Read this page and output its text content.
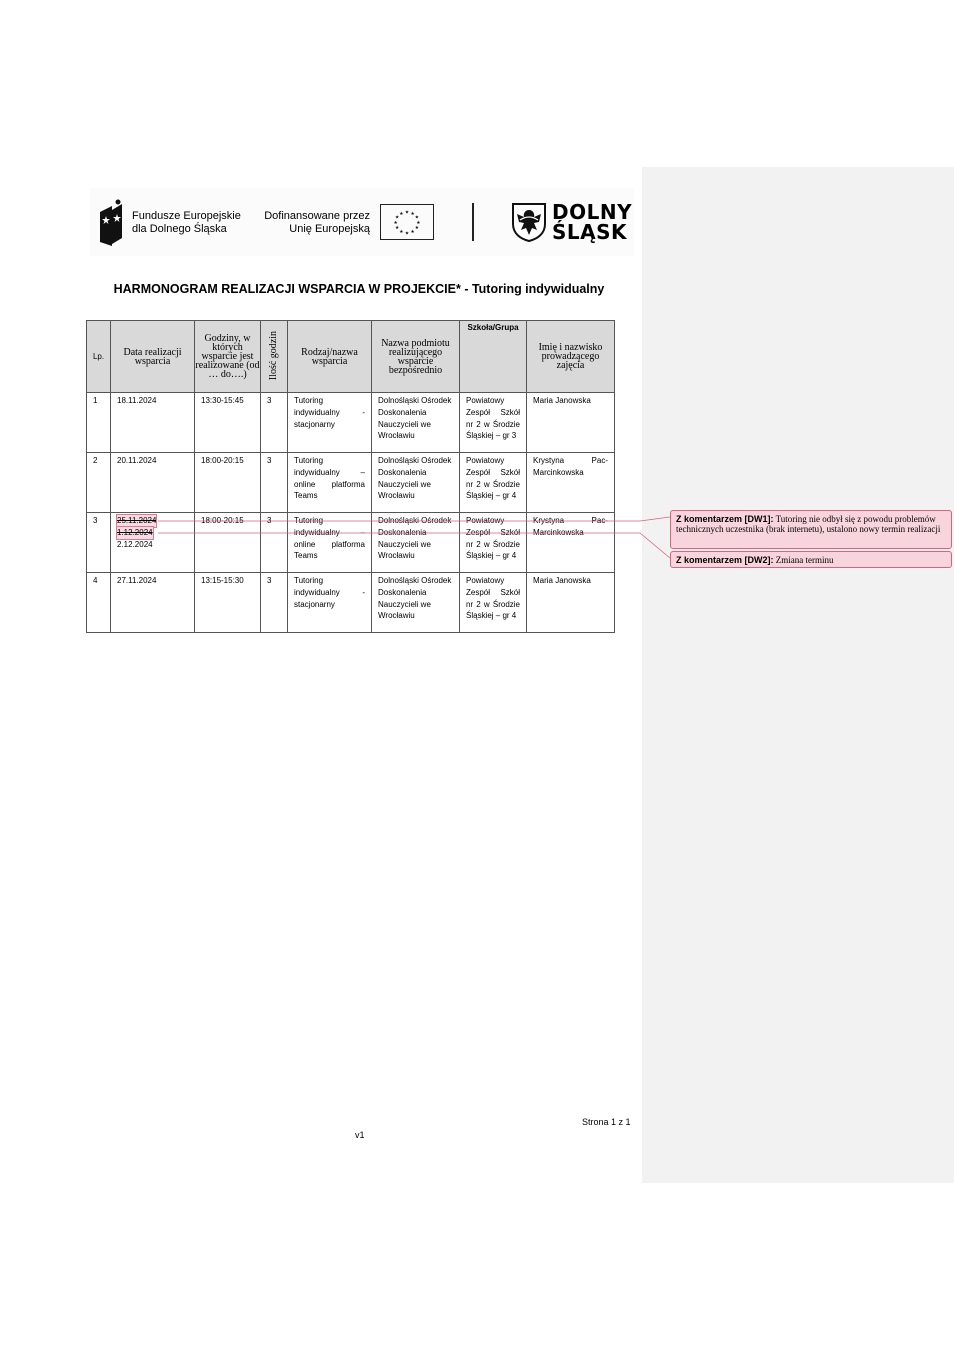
Fundusze Europejskie
dla Dolnego Śląska
Dofinansowane przez
Unię Europejską
★ ★
★
★
★
★
★
★
★
★
★
★	DOLNY
ŚLĄSK
HARMONOGRAM REALIZACJI WSPARCIA W PROJEKCIE* - Tutoring indywidualny
Lp.	Data realizacji wsparcia	Godziny, w których wsparcie jest realizowane (od … do….)	Ilość godzin	Rodzaj/nazwa wsparcia	Nazwa podmiotu realizującego wsparcie bezpośrednio	Szkoła/Grupa	Imię i nazwisko prowadzącego zajęcia

1	18.11.2024	13:30-15:45	3	Tutoring indywidualny - stacjonarny	Dolnośląski Ośrodek Doskonalenia Nauczycieli we Wrocławiu	Powiatowy Zespół Szkół nr 2 w Środzie Śląskiej – gr 3	Maria Janowska

2	20.11.2024	18:00-20:15	3	Tutoring indywidualny – online platforma Teams	Dolnośląski Ośrodek Doskonalenia Nauczycieli we Wrocławiu	Powiatowy Zespół Szkół nr 2 w Środzie Śląskiej – gr 4	Krystyna Pac-Marcinkowska

3	25.11.2024
1.12.2024
2.12.2024	18:00-20:15	3	Tutoring indywidualny – online platforma Teams	Dolnośląski Ośrodek Doskonalenia Nauczycieli we Wrocławiu	Powiatowy Zespół Szkół nr 2 w Środzie Śląskiej – gr 4	Krystyna Pac-Marcinkowska

4	27.11.2024	13:15-15:30	3	Tutoring indywidualny - stacjonarny	Dolnośląski Ośrodek Doskonalenia Nauczycieli we Wrocławiu	Powiatowy Zespół Szkół nr 2 w Środzie Śląskiej – gr 4	Maria Janowska
Z komentarzem [DW1]: Tutoring nie odbył się z powodu problemów technicznych uczestnika (brak internetu), ustalono nowy termin realizacji
Z komentarzem [DW2]: Zmiana terminu
Strona 1 z 1
v1
